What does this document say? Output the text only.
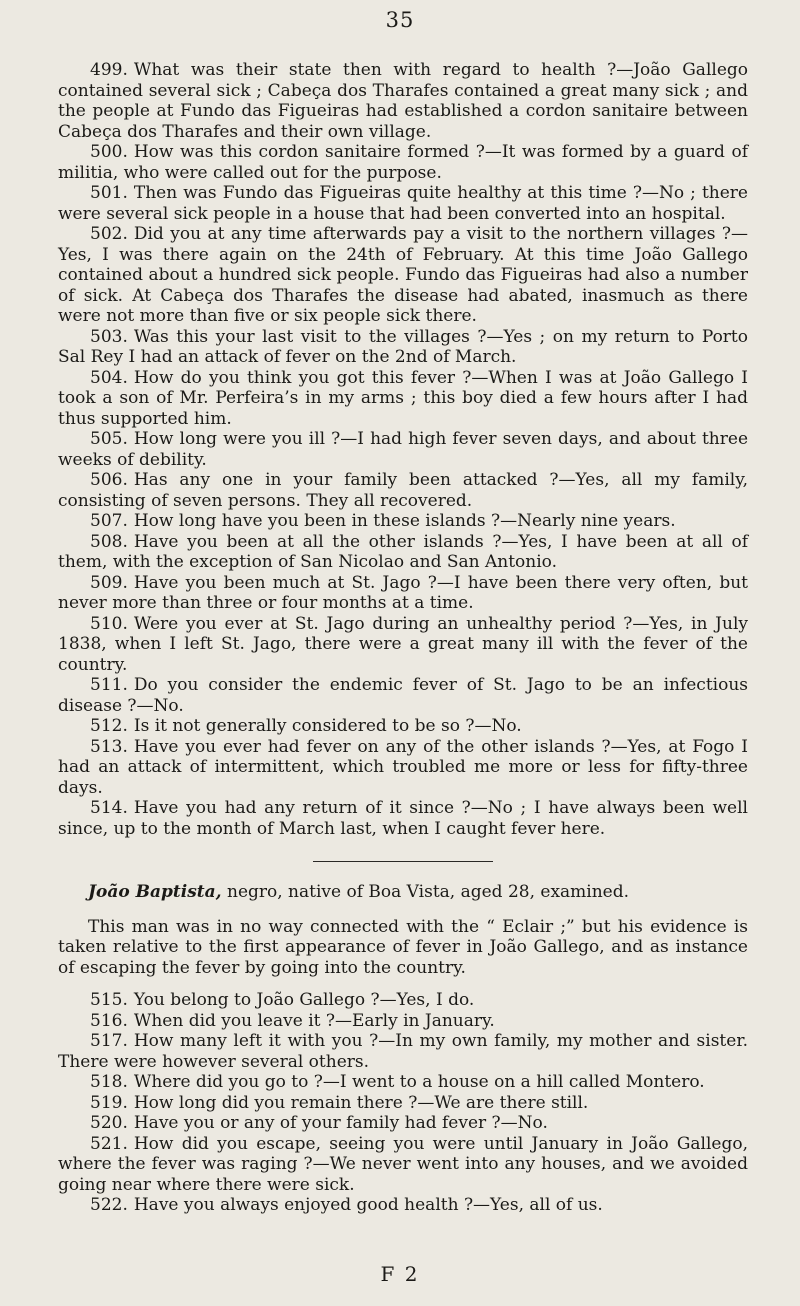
35

499. What was their state then with regard to health ?—João Gallego contained several sick ; Cabeça dos Tharafes contained a great many sick ; and the people at Fundo das Figueiras had established a cordon sanitaire between Cabeça dos Tharafes and their own village.

500. How was this cordon sanitaire formed ?—It was formed by a guard of militia, who were called out for the purpose.

501. Then was Fundo das Figueiras quite healthy at this time ?—No ; there were several sick people in a house that had been converted into an hospital.

502. Did you at any time afterwards pay a visit to the northern villages ?—Yes, I was there again on the 24th of February. At this time João Gallego contained about a hundred sick people. Fundo das Figueiras had also a number of sick. At Cabeça dos Tharafes the disease had abated, inasmuch as there were not more than five or six people sick there.

503. Was this your last visit to the villages ?—Yes ; on my return to Porto Sal Rey I had an attack of fever on the 2nd of March.

504. How do you think you got this fever ?—When I was at João Gallego I took a son of Mr. Perfeira’s in my arms ; this boy died a few hours after I had thus supported him.

505. How long were you ill ?—I had high fever seven days, and about three weeks of debility.

506. Has any one in your family been attacked ?—Yes, all my family, consisting of seven persons. They all recovered.

507. How long have you been in these islands ?—Nearly nine years.

508. Have you been at all the other islands ?—Yes, I have been at all of them, with the exception of San Nicolao and San Antonio.

509. Have you been much at St. Jago ?—I have been there very often, but never more than three or four months at a time.

510. Were you ever at St. Jago during an unhealthy period ?—Yes, in July 1838, when I left St. Jago, there were a great many ill with the fever of the country.

511. Do you consider the endemic fever of St. Jago to be an infectious disease ?—No.

512. Is it not generally considered to be so ?—No.

513. Have you ever had fever on any of the other islands ?—Yes, at Fogo I had an attack of intermittent, which troubled me more or less for fifty-three days.

514. Have you had any return of it since ?—No ; I have always been well since, up to the month of March last, when I caught fever here.

João Baptista, negro, native of Boa Vista, aged 28, examined.

This man was in no way connected with the “ Eclair ;” but his evidence is taken relative to the first appearance of fever in João Gallego, and as instance of escaping the fever by going into the country.

515. You belong to João Gallego ?—Yes, I do.

516. When did you leave it ?—Early in January.

517. How many left it with you ?—In my own family, my mother and sister. There were however several others.

518. Where did you go to ?—I went to a house on a hill called Montero.

519. How long did you remain there ?—We are there still.

520. Have you or any of your family had fever ?—No.

521. How did you escape, seeing you were until January in João Gallego, where the fever was raging ?—We never went into any houses, and we avoided going near where there were sick.

522. Have you always enjoyed good health ?—Yes, all of us.

F 2
